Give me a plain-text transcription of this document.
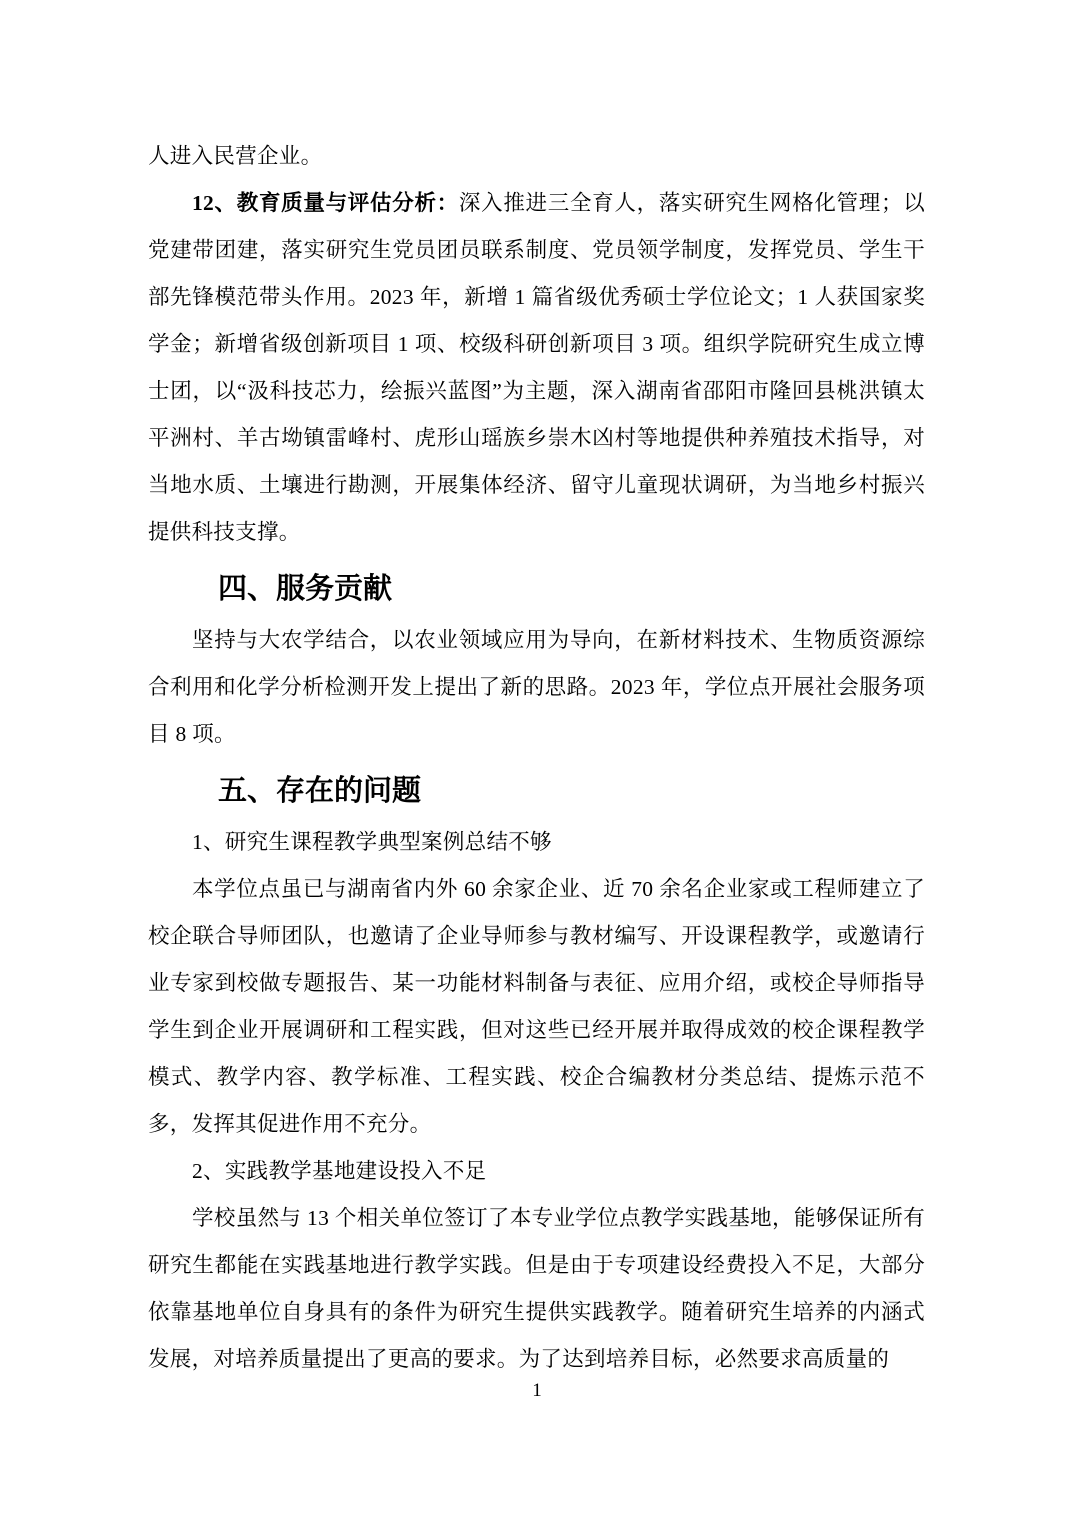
人进入民营企业。

12、教育质量与评估分析：深入推进三全育人，落实研究生网格化管理；以党建带团建，落实研究生党员团员联系制度、党员领学制度，发挥党员、学生干部先锋模范带头作用。2023 年，新增 1 篇省级优秀硕士学位论文；1 人获国家奖学金；新增省级创新项目 1 项、校级科研创新项目 3 项。组织学院研究生成立博士团，以“汲科技芯力，绘振兴蓝图”为主题，深入湖南省邵阳市隆回县桃洪镇太平洲村、羊古坳镇雷峰村、虎形山瑶族乡崇木凶村等地提供种养殖技术指导，对当地水质、土壤进行勘测，开展集体经济、留守儿童现状调研，为当地乡村振兴提供科技支撑。

四、服务贡献

坚持与大农学结合，以农业领域应用为导向，在新材料技术、生物质资源综合利用和化学分析检测开发上提出了新的思路。2023 年，学位点开展社会服务项目 8 项。

五、存在的问题

1、研究生课程教学典型案例总结不够

本学位点虽已与湖南省内外 60 余家企业、近 70 余名企业家或工程师建立了校企联合导师团队，也邀请了企业导师参与教材编写、开设课程教学，或邀请行业专家到校做专题报告、某一功能材料制备与表征、应用介绍，或校企导师指导学生到企业开展调研和工程实践，但对这些已经开展并取得成效的校企课程教学模式、教学内容、教学标准、工程实践、校企合编教材分类总结、提炼示范不多，发挥其促进作用不充分。

2、实践教学基地建设投入不足

学校虽然与 13 个相关单位签订了本专业学位点教学实践基地，能够保证所有研究生都能在实践基地进行教学实践。但是由于专项建设经费投入不足，大部分依靠基地单位自身具有的条件为研究生提供实践教学。随着研究生培养的内涵式发展，对培养质量提出了更高的要求。为了达到培养目标，必然要求高质量的

1
